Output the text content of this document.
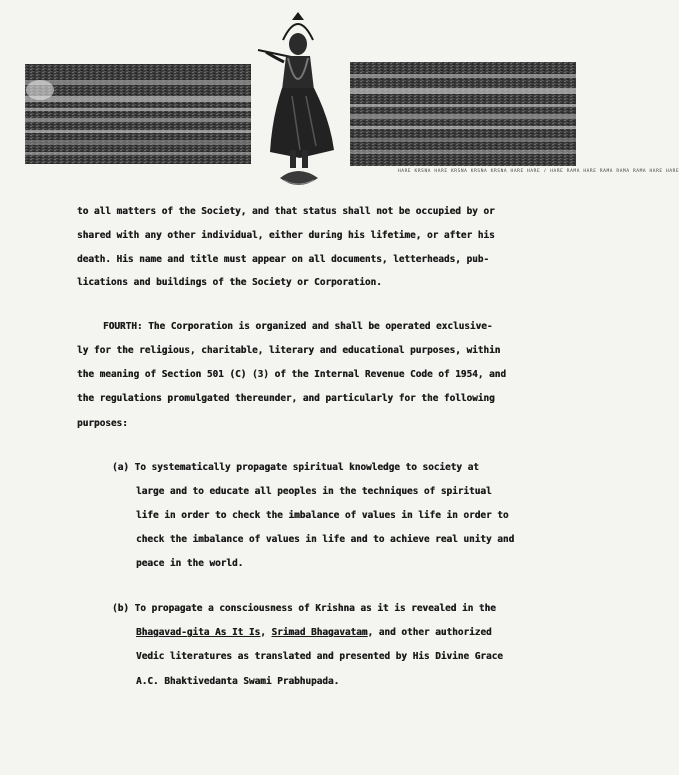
HARE KRSNA HARE KRSNA KRSNA KRSNA HARE HARE / HARE RAMA HARE RAMA RAMA RAMA HARE HARE
to all matters of the Society, and that status shall not be occupied by or
shared with any other individual, either during his lifetime, or after his
death. His name and title must appear on all documents, letterheads, pub-
lications and buildings of the Society or Corporation.
FOURTH: The Corporation is organized and shall be operated exclusive-
ly for the religious, charitable, literary and educational purposes, within
the meaning of Section 501 (C) (3) of the Internal Revenue Code of 1954, and
the regulations promulgated thereunder, and particularly for the following
purposes:
(a) To systematically propagate spiritual knowledge to society at
large and to educate all peoples in the techniques of spiritual
life in order to check the imbalance of values in life in order to
check the imbalance of values in life and to achieve real unity and
peace in the world.
(b) To propagate a consciousness of Krishna as it is revealed in the
Bhagavad-gita As It Is, Srimad Bhagavatam, and other authorized
Vedic literatures as translated and presented by His Divine Grace
A.C. Bhaktivedanta Swami Prabhupada.
